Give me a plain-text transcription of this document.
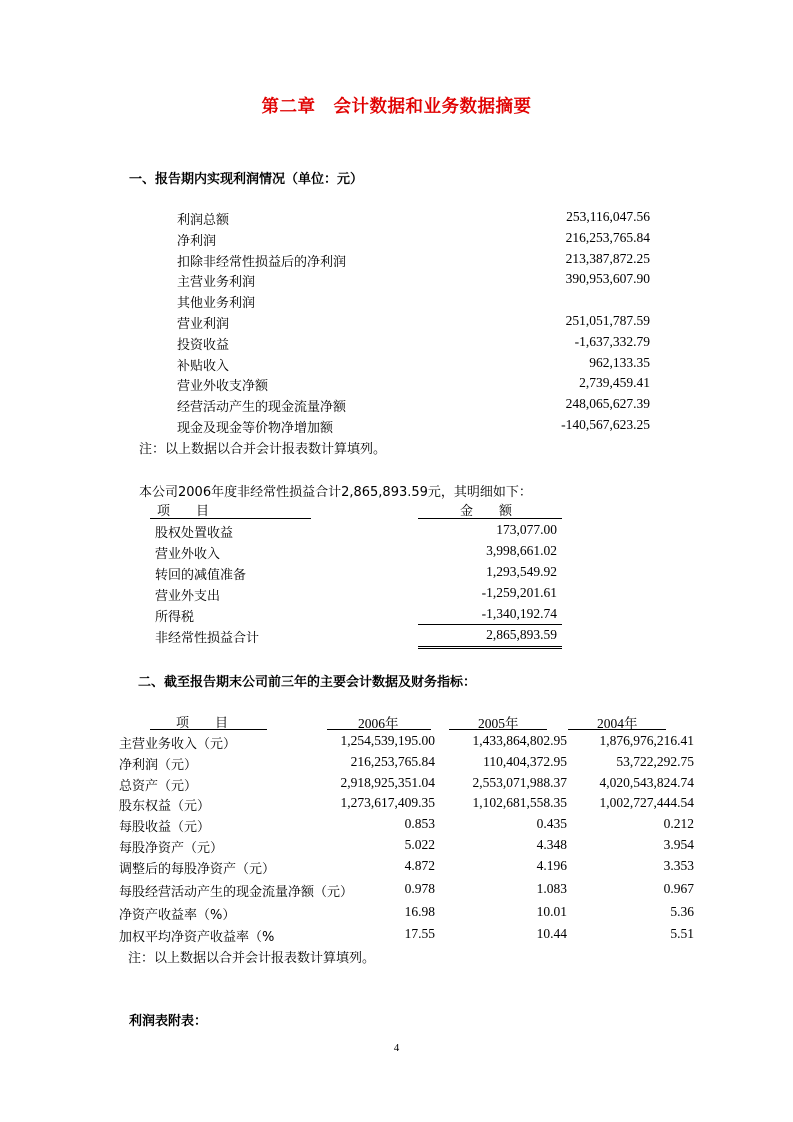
第二章　会计数据和业务数据摘要
一、报告期内实现利润情况（单位：元）
利润总额	253,116,047.56
净利润	216,253,765.84
扣除非经常性损益后的净利润	213,387,872.25
主营业务利润	390,953,607.90
其他业务利润
营业利润	251,051,787.59
投资收益	-1,637,332.79
补贴收入	962,133.35
营业外收支净额	2,739,459.41
经营活动产生的现金流量净额	248,065,627.39
现金及现金等价物净增加额	-140,567,623.25
注：以上数据以合并会计报表数计算填列。
本公司2006年度非经常性损益合计2,865,893.59元，其明细如下：
项　　目	金　　额
股权处置收益	173,077.00
营业外收入	3,998,661.02
转回的减值准备	1,293,549.92
营业外支出	-1,259,201.61
所得税	-1,340,192.74
非经常性损益合计	2,865,893.59
二、截至报告期末公司前三年的主要会计数据及财务指标：
项　　目	2006年	2005年	2004年
主营业务收入（元）	1,254,539,195.00	1,433,864,802.95 1,876,976,216.41
净利润（元）	216,253,765.84	110,404,372.95	53,722,292.75
总资产（元）	2,918,925,351.04	2,553,071,988.37 4,020,543,824.74
股东权益（元）	1,273,617,409.35	1,102,681,558.35 1,002,727,444.54
每股收益（元）	0.853	0.435	0.212
每股净资产（元）	5.022	4.348	3.954
调整后的每股净资产（元）	4.872	4.196	3.353
每股经营活动产生的现金流量净额（元）	0.978	1.083	0.967
净资产收益率（%）	16.98	10.01	5.36
加权平均净资产收益率（%	17.55	10.44	5.51
注：以上数据以合并会计报表数计算填列。
利润表附表：
4
